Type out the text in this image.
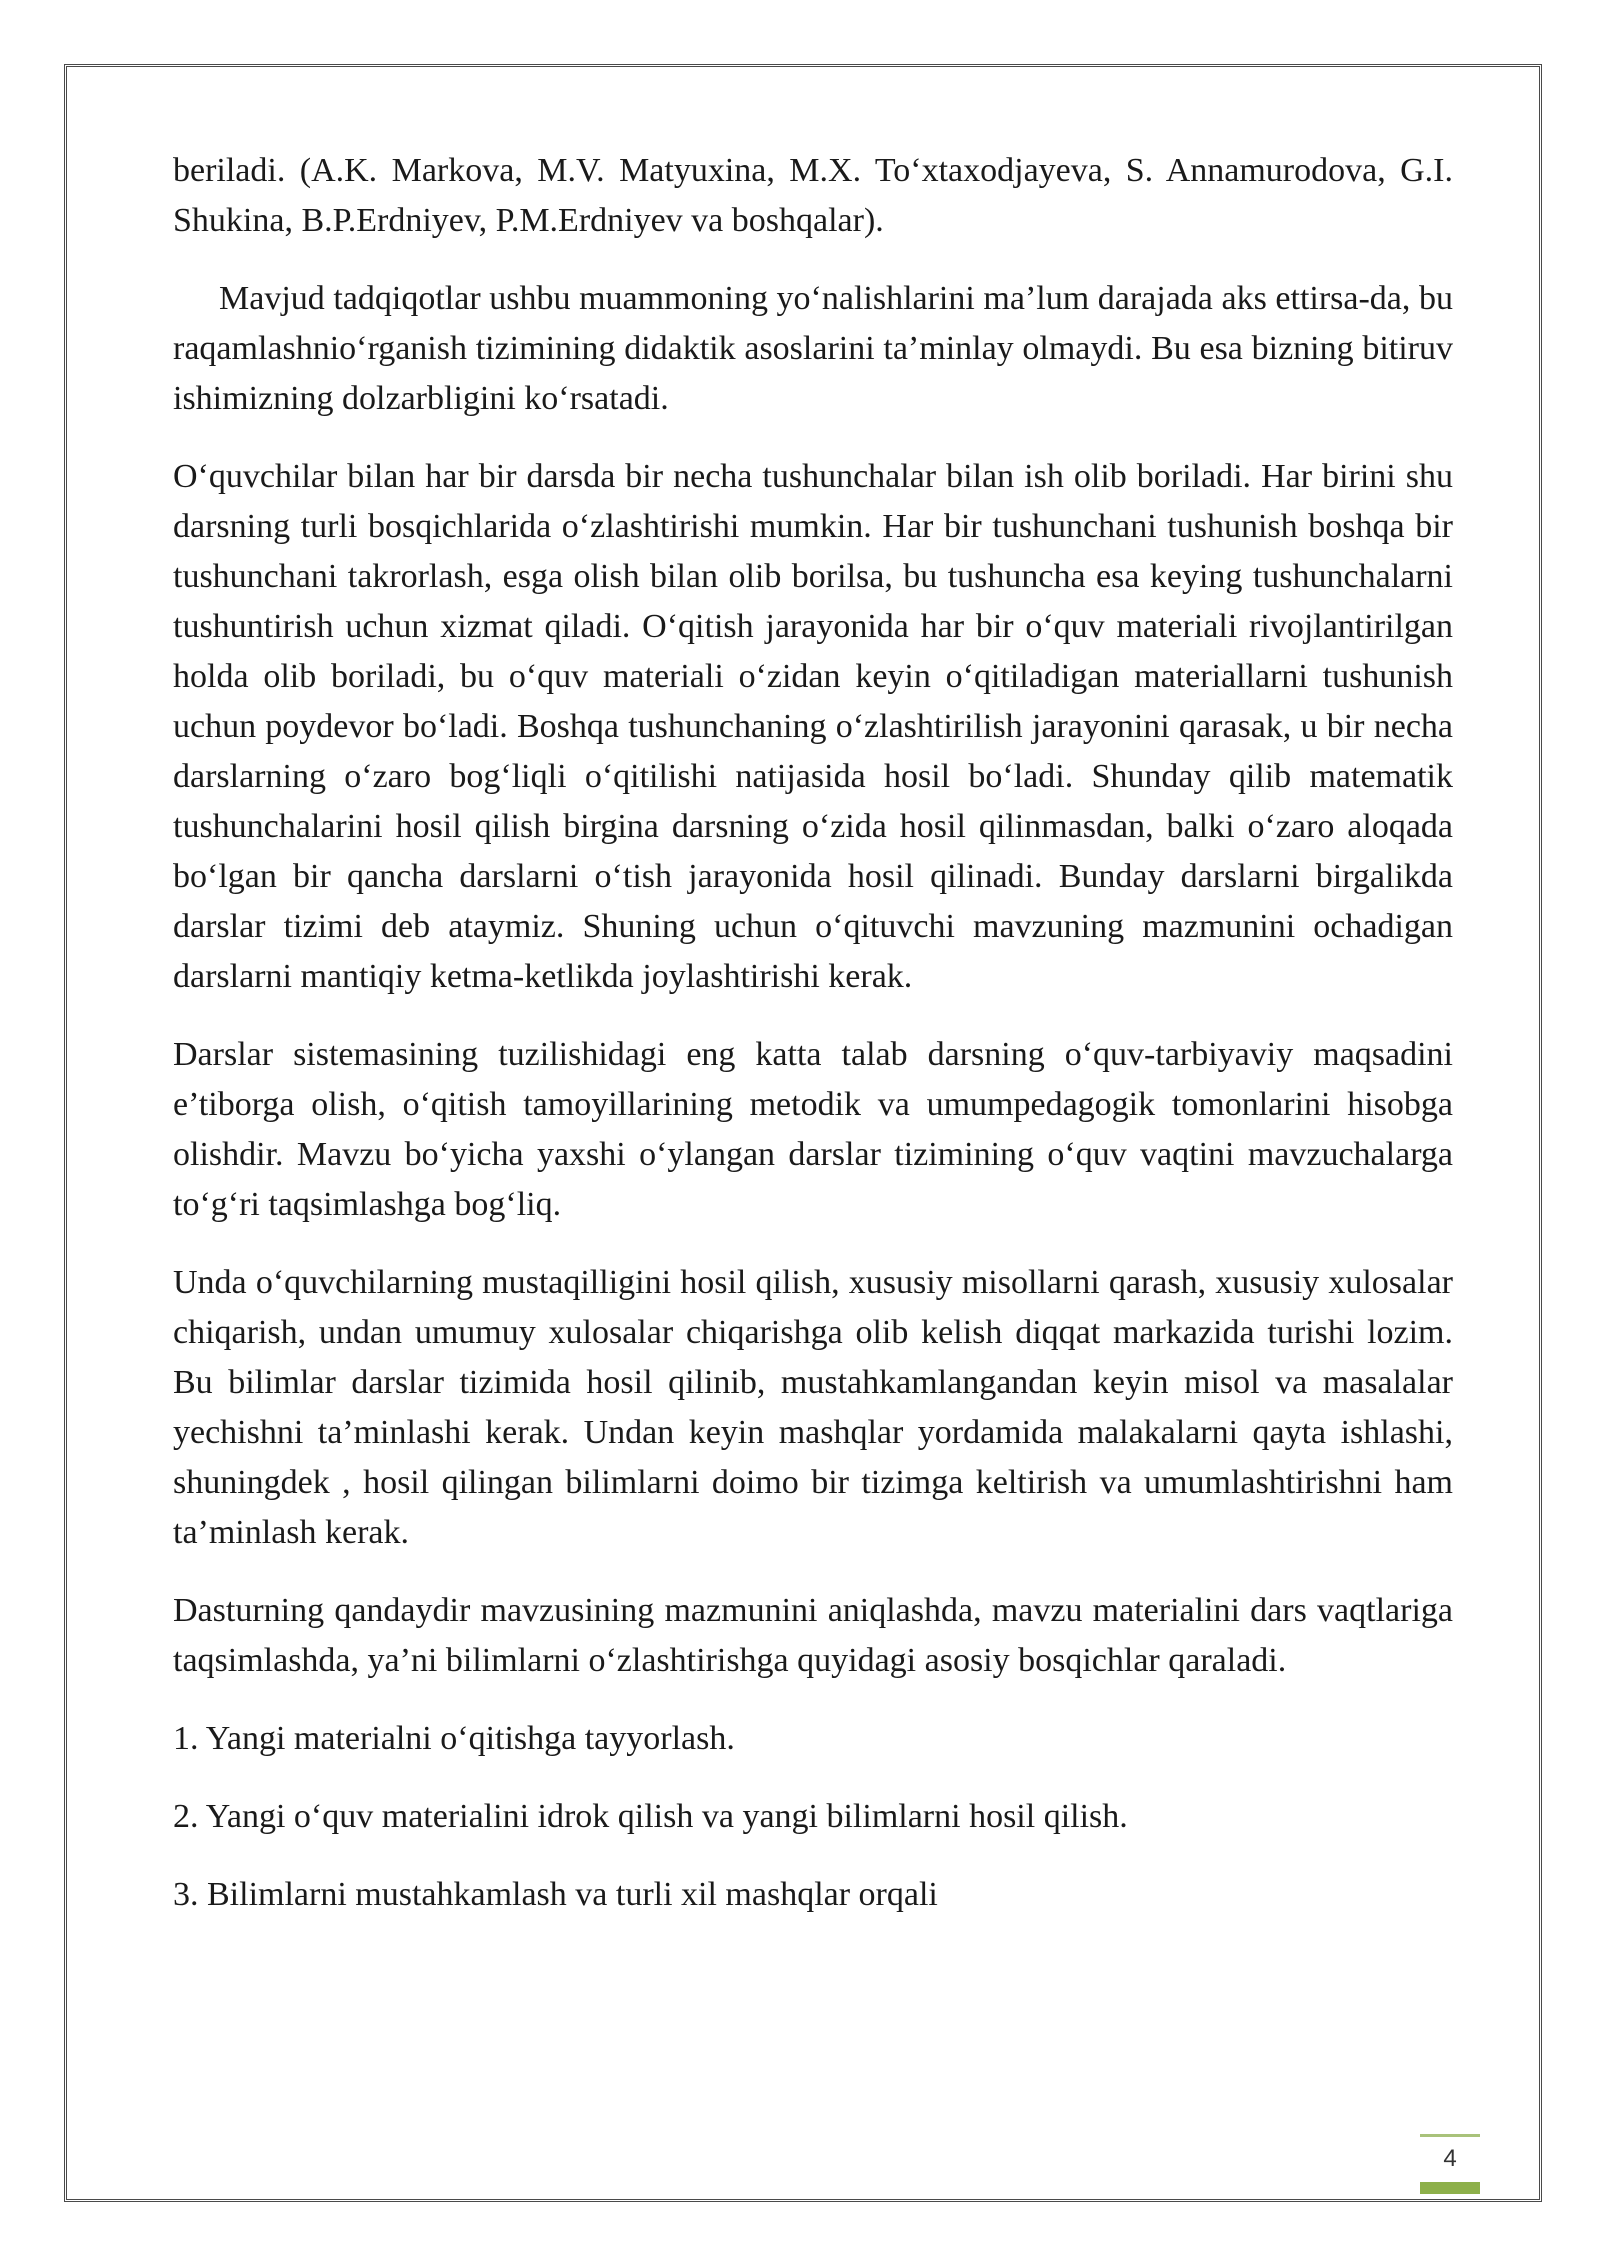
beriladi. (A.K. Markova, M.V. Matyuxina, M.X. To‘xtaxodjayeva, S. Annamurodova, G.I. Shukina, B.P.Erdniyev, P.M.Erdniyev va boshqalar).

Mavjud tadqiqotlar ushbu muammoning yo‘nalishlarini ma’lum darajada aks ettirsa-da, bu raqamlashnio‘rganish tizimining didaktik asoslarini ta’minlay olmaydi. Bu esa bizning bitiruv ishimizning dolzarbligini ko‘rsatadi.

O‘quvchilar bilan har bir darsda bir necha tushunchalar bilan ish olib boriladi. Har birini shu darsning turli bosqichlarida o‘zlashtirishi mumkin. Har bir tushunchani tushunish boshqa bir tushunchani takrorlash, esga olish bilan olib borilsa, bu tushuncha esa keying tushunchalarni tushuntirish uchun xizmat qiladi. O‘qitish jarayonida har bir o‘quv materiali rivojlantirilgan holda olib boriladi, bu o‘quv materiali o‘zidan keyin o‘qitiladigan materiallarni tushunish uchun poydevor bo‘ladi. Boshqa tushunchaning o‘zlashtirilish jarayonini qarasak, u bir necha darslarning o‘zaro bog‘liqli o‘qitilishi natijasida hosil bo‘ladi. Shunday qilib matematik tushunchalarini hosil qilish birgina darsning o‘zida hosil qilinmasdan, balki o‘zaro aloqada bo‘lgan bir qancha darslarni o‘tish jarayonida hosil qilinadi. Bunday darslarni birgalikda darslar tizimi deb ataymiz. Shuning uchun o‘qituvchi mavzuning mazmunini ochadigan darslarni mantiqiy ketma-ketlikda joylashtirishi kerak.

Darslar sistemasining tuzilishidagi eng katta talab darsning o‘quv-tarbiyaviy maqsadini e’tiborga olish, o‘qitish tamoyillarining metodik va umumpedagogik tomonlarini hisobga olishdir. Mavzu bo‘yicha yaxshi o‘ylangan darslar tizimining o‘quv vaqtini mavzuchalarga to‘g‘ri taqsimlashga bog‘liq.

Unda o‘quvchilarning mustaqilligini hosil qilish, xususiy misollarni qarash, xususiy xulosalar chiqarish, undan umumuy xulosalar chiqarishga olib kelish diqqat markazida turishi lozim. Bu bilimlar darslar tizimida hosil qilinib, mustahkamlangandan keyin misol va masalalar yechishni ta’minlashi kerak. Undan keyin mashqlar yordamida malakalarni qayta ishlashi, shuningdek , hosil qilingan bilimlarni doimo bir tizimga keltirish va umumlashtirishni ham ta’minlash kerak.

Dasturning qandaydir mavzusining mazmunini aniqlashda, mavzu materialini dars vaqtlariga taqsimlashda, ya’ni bilimlarni o‘zlashtirishga quyidagi asosiy bosqichlar qaraladi.

1. Yangi materialni o‘qitishga tayyorlash.
2. Yangi o‘quv materialini idrok qilish va yangi bilimlarni hosil qilish.
3. Bilimlarni mustahkamlash va turli xil mashqlar orqali
4
